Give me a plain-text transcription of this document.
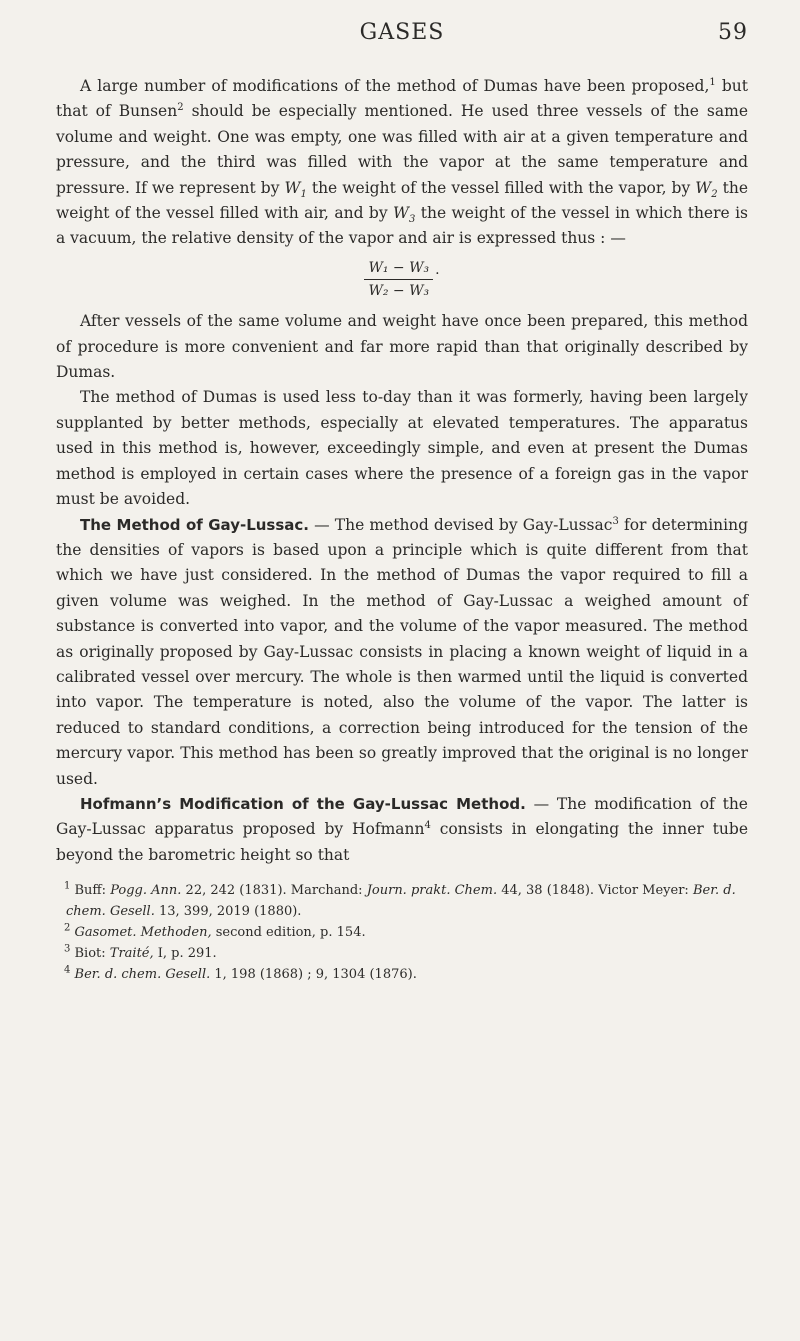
GASES	59

A large number of modifications of the method of Dumas have been proposed,$^1$ but that of Bunsen$^2$ should be especially mentioned. He used three vessels of the same volume and weight. One was empty, one was filled with air at a given temperature and pressure, and the third was filled with the vapor at the same temperature and pressure. If we represent by $W_1$ the weight of the vessel filled with the vapor, by $W_2$ the weight of the vessel filled with air, and by $W_3$ the weight of the vessel in which there is a vacuum, the relative density of the vapor and air is expressed thus : —

$\frac{\text{W₁ − W₃}}{\text{W₂ − W₃}}$ .

After vessels of the same volume and weight have once been prepared, this method of procedure is more convenient and far more rapid than that originally described by Dumas.

The method of Dumas is used less to-day than it was formerly, having been largely supplanted by better methods, especially at elevated temperatures. The apparatus used in this method is, however, exceedingly simple, and even at present the Dumas method is employed in certain cases where the presence of a foreign gas in the vapor must be avoided.

The Method of Gay-Lussac. — The method devised by Gay-Lussac$^3$ for determining the densities of vapors is based upon a principle which is quite different from that which we have just considered. In the method of Dumas the vapor required to fill a given volume was weighed. In the method of Gay-Lussac a weighed amount of substance is converted into vapor, and the volume of the vapor measured. The method as originally proposed by Gay-Lussac consists in placing a known weight of liquid in a calibrated vessel over mercury. The whole is then warmed until the liquid is converted into vapor. The temperature is noted, also the volume of the vapor. The latter is reduced to standard conditions, a correction being introduced for the tension of the mercury vapor. This method has been so greatly improved that the original is no longer used.

Hofmann’s Modification of the Gay-Lussac Method. — The modification of the Gay-Lussac apparatus proposed by Hofmann$^4$ consists in elongating the inner tube beyond the barometric height so that

$^1$ Buff: Pogg. Ann. 22, 242 (1831). Marchand: Journ. prakt. Chem. 44, 38 (1848). Victor Meyer: Ber. d. chem. Gesell. 13, 399, 2019 (1880).

$^2$ Gasomet. Methoden, second edition, p. 154.

$^3$ Biot: Traité, I, p. 291.

$^4$ Ber. d. chem. Gesell. 1, 198 (1868) ; 9, 1304 (1876).
